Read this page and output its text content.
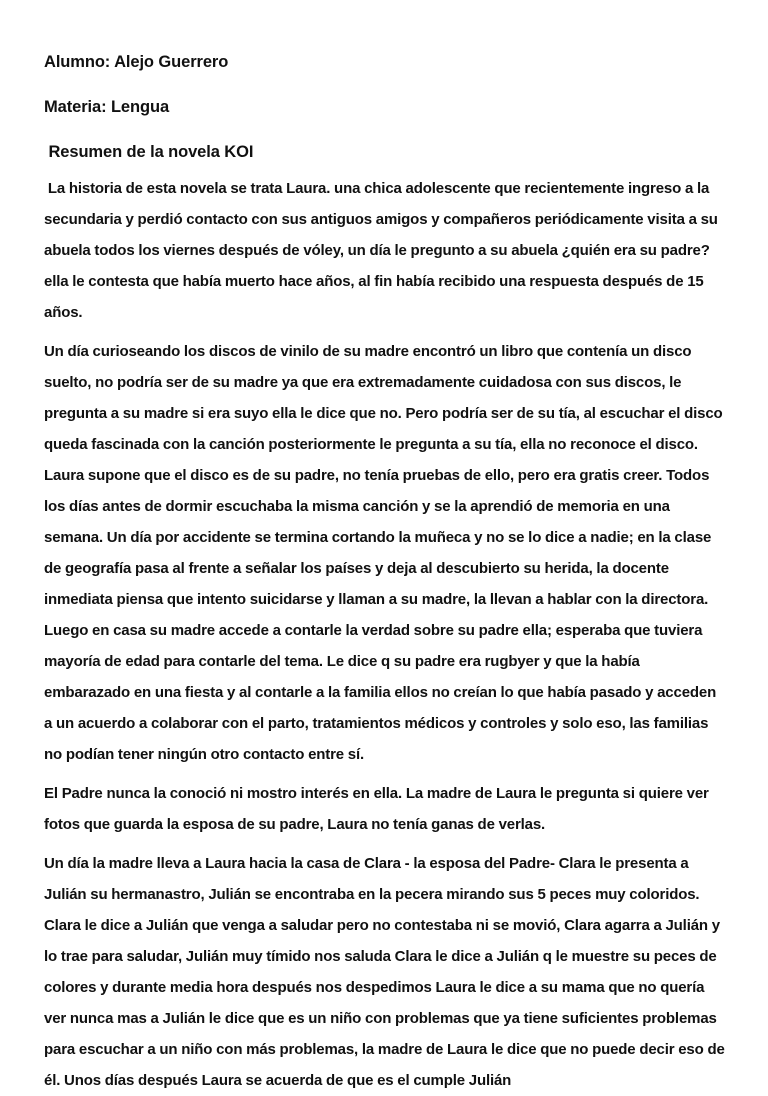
Alumno: Alejo Guerrero

Materia: Lengua

Resumen de la novela KOI

La historia de esta novela se trata Laura. una chica adolescente que recientemente ingreso a la secundaria y perdió contacto con sus antiguos amigos y compañeros periódicamente visita a su abuela todos los viernes después de vóley, un día le pregunto a su abuela ¿quién era su padre? ella le contesta que había muerto hace años, al fin había recibido una respuesta después de 15 años.

Un día curioseando los discos de vinilo de su madre encontró un libro que contenía un disco suelto, no podría ser de su madre ya que era extremadamente cuidadosa con sus discos, le pregunta a su madre si era suyo ella le dice que no. Pero podría ser de su tía, al escuchar el disco queda fascinada con la canción posteriormente le pregunta a su tía, ella no reconoce el disco. Laura supone que el disco es de su padre, no tenía pruebas de ello, pero era gratis creer. Todos los días antes de dormir escuchaba la misma canción y se la aprendió de memoria en una semana. Un día por accidente se termina cortando la muñeca y no se lo dice a nadie; en la clase de geografía pasa al frente a señalar los países y deja al descubierto su herida, la docente inmediata piensa que intento suicidarse y llaman a su madre, la llevan a hablar con la directora. Luego en casa su madre accede a contarle la verdad sobre su padre ella; esperaba que tuviera mayoría de edad para contarle del tema. Le dice q su padre era rugbyer y que la había embarazado en una fiesta y al contarle a la familia ellos no creían lo que había pasado y acceden a un acuerdo a colaborar con el parto, tratamientos médicos y controles y solo eso, las familias no podían tener ningún otro contacto entre sí.

El Padre nunca la conoció ni mostro interés en ella. La madre de Laura le pregunta si quiere ver fotos que guarda la esposa de su padre, Laura no tenía ganas de verlas.

Un día la madre lleva a Laura hacia la casa de Clara - la esposa del Padre- Clara le presenta a Julián su hermanastro, Julián se encontraba en la pecera mirando sus 5 peces muy coloridos. Clara le dice a Julián que venga a saludar pero no contestaba ni se movió, Clara agarra a Julián y lo trae para saludar, Julián muy tímido nos saluda Clara le dice a Julián q le muestre su peces de colores y durante media hora después nos despedimos Laura le dice a su mama que no quería ver nunca mas a Julián le dice que es un niño con problemas que ya tiene suficientes problemas para escuchar a un niño con más problemas, la madre de Laura le dice que no puede decir eso de él. Unos días después Laura se acuerda de que es el cumple Julián
